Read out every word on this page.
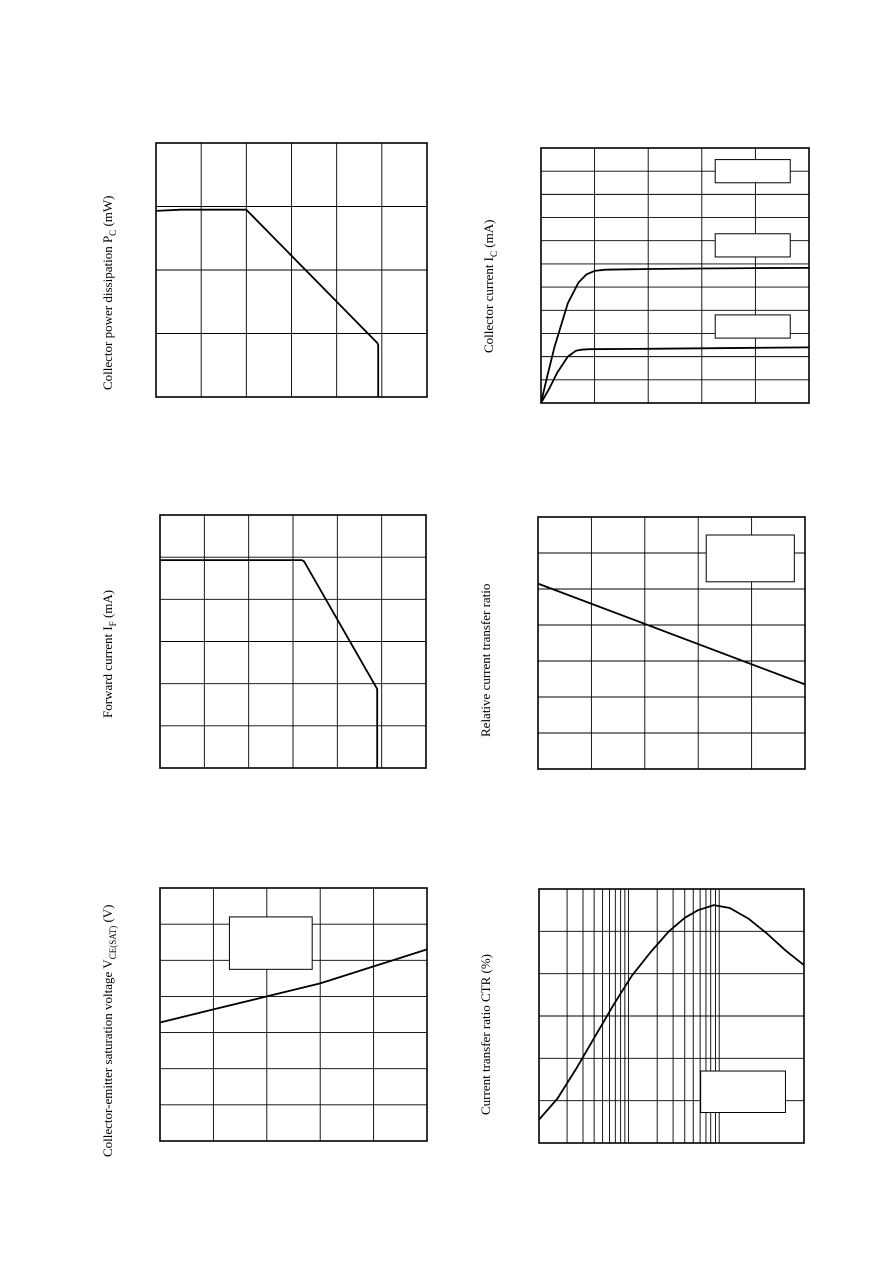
Collector power dissipation $P_C$ (mW)
Collector current $I_C$ (mA)
Forward current $I_F$ (mA)	Relative current transfer ratio
Collector-emitter saturation voltage $V_{CE(SAT)}$ (V)
Current transfer ratio CTR (%)
